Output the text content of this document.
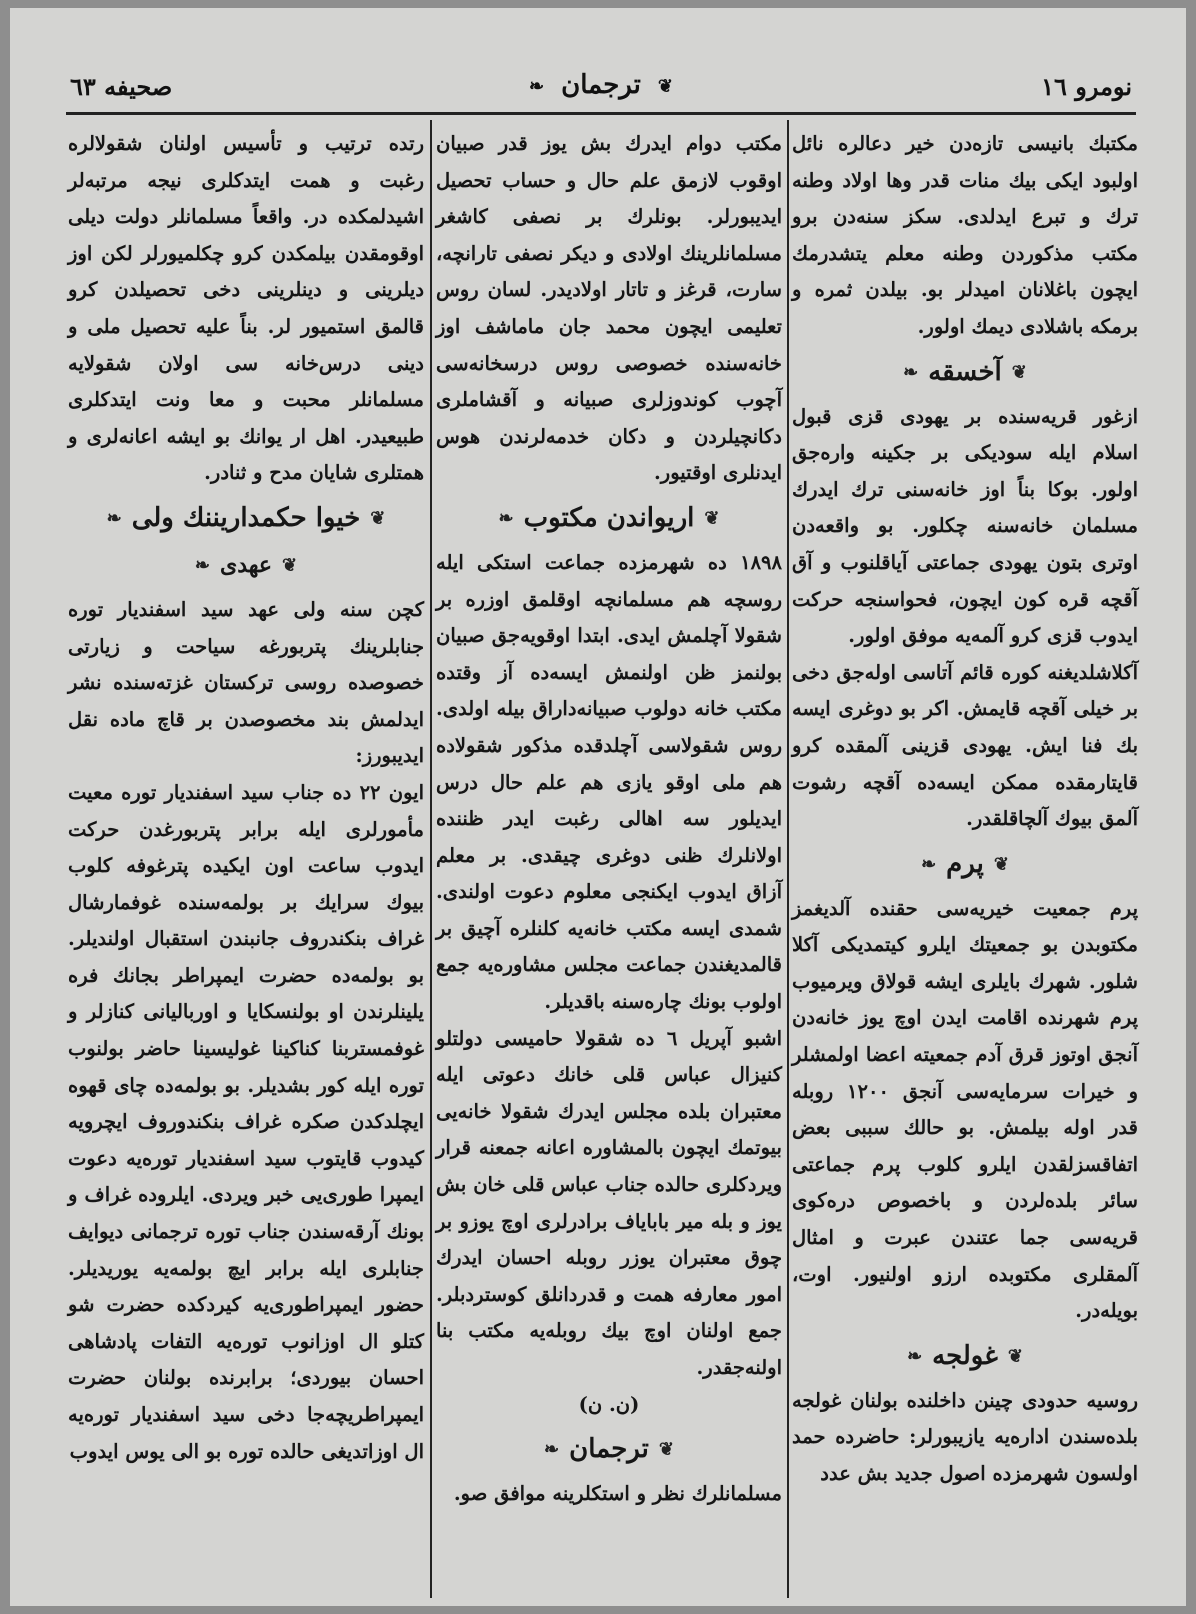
نومرو ١٦
❦ ترجمان ❧
صحيفه ٦٣

مكتبك بانيسى تازه‌دن خير دعالره نائل اولبود ايكى بيك منات قدر وها اولاد وطنه ترك و تبرع ايدلدى. سكز سنه‌دن برو مكتب مذكوردن وطنه معلم يتشدرمك ايچون باغلانان اميدلر بو. بيلدن ثمره و برمكه باشلادى ديمك اولور.

❦آخسقه❧

ازغور قريه‌سنده بر يهودى قزى قبول اسلام ايله سوديكى بر جكينه واره‌جق اولور. بوكا بناً اوز خانه‌سنى ترك ايدرك مسلمان خانه‌سنه چكلور. بو واقعه‌دن اوترى بتون يهودى جماعتى آياقلنوب و آق آقچه قره كون ايچون، فحواسنجه حركت ايدوب قزى كرو آلمه‌يه موفق اولور.

آكلاشلديغنه كوره قائم آتاسى اوله‌جق دخى بر خيلى آقچه قايمش. اكر بو دوغرى ايسه بك فنا ايش. يهودى قزينى آلمقده كرو قايتارمقده ممكن ايسه‌ده آقچه رشوت آلمق بيوك آلچاقلقدر.

❦پرم❧

پرم جمعيت خيريه‌سى حقنده آلديغمز مكتوبدن بو جمعيتك ايلرو كيتمديكى آكلا شلور. شهرك بايلرى ايشه قولاق ويرميوب پرم شهرنده اقامت ايدن اوچ يوز خانه‌دن آنجق اوتوز قرق آدم جمعيته اعضا اولمشلر و خيرات سرمايه‌سى آنجق ١٢٠٠ روبله قدر اوله بيلمش. بو حالك سببى بعض اتفاقسزلقدن ايلرو كلوب پرم جماعتى سائر بلده‌لردن و باخصوص دره‌كوى قريه‌سى جما عتندن عبرت و امثال آلمقلرى مكتوبده ارزو اولنيور. اوت، بويله‌در.

❦غولجه❧

روسيه حدودى چينن داخلنده بولنان غولجه بلده‌سندن اداره‌يه يازيبورلر: حاضرده حمد اولسون شهرمزده اصول جديد بش عدد

مكتب دوام ايدرك بش يوز قدر صبيان اوقوب لازمق علم حال و حساب تحصيل ايديبورلر. بونلرك بر نصفى كاشغر مسلمانلرينك اولادى و ديكر نصفى تارانچه، سارت، قرغز و تاتار اولاديدر. لسان روس تعليمى ايچون محمد جان ماماشف اوز خانه‌سنده خصوصى روس درسخانه‌سى آچوب كوندوزلرى صبيانه و آقشاملرى دكانچيلردن و دكان خدمه‌لرندن هوس ايدنلرى اوقتيور.

❦اريواندن مكتوب❧

١٨٩٨ ده شهرمزده جماعت استكى ايله روسچه هم مسلمانچه اوقلمق اوزره بر شقولا آچلمش ايدى. ابتدا اوقويه‌جق صبيان بولنمز ظن اولنمش ايسه‌ده آز وقتده مكتب خانه دولوب صبيانه‌داراق بيله اولدى. روس شقولاسى آچلدقده مذكور شقولاده هم ملى اوقو يازى هم علم حال درس ايديلور سه اهالى رغبت ايدر ظننده اولانلرك ظنى دوغرى چيقدى. بر معلم آزاق ايدوب ايكنجى معلوم دعوت اولندى. شمدى ايسه مكتب خانه‌يه كلنلره آچيق بر قالمديغندن جماعت مجلس مشاوره‌يه جمع اولوب بونك چاره‌سنه باقديلر.

اشبو آپريل ٦ ده شقولا حاميسى دولتلو كنيزال عباس قلى خانك دعوتى ايله معتبران بلده مجلس ايدرك شقولا خانه‌يى بيوتمك ايچون بالمشاوره اعانه جمعنه قرار ويردكلرى حالده جناب عباس قلى خان بش يوز و بله مير باباياف برادرلرى اوچ يوزو بر چوق معتبران يوزر روبله احسان ايدرك امور معارفه همت و قدردانلق كوستردبلر. جمع اولنان اوچ بيك روبله‌يه مكتب بنا اولنه‌جقدر.

(ن. ن)

❦ترجمان❧

مسلمانلرك نظر و استكلرينه موافق صو.

رتده ترتيب و تأسيس اولنان شقولالره رغبت و همت ايتدكلرى نيجه مرتبه‌لر اشيدلمكده در. واقعاً مسلمانلر دولت ديلى اوقومقدن بيلمكدن كرو چكلميورلر لكن اوز ديلرينى و دينلرينى دخى تحصيلدن كرو قالمق استميور لر. بناً عليه تحصيل ملى و دينى درس‌خانه سى اولان شقولايه مسلمانلر محبت و معا ونت ايتدكلرى طبيعيدر. اهل ار يوانك بو ايشه اعانه‌لرى و همتلرى شايان مدح و ثنادر.

❦خيوا حكمداريننك ولى❧
❦عهدى❧

كچن سنه ولى عهد سيد اسفنديار توره جنابلرينك پتربورغه سياحت و زيارتى خصوصده روسى تركستان غزته‌سنده نشر ايدلمش بند مخصوصدن بر قاچ ماده نقل ايديبورز:

ايون ٢٢ ده جناب سيد اسفنديار توره معيت مأمورلرى ايله برابر پتربورغدن حركت ايدوب ساعت اون ايكيده پترغوفه كلوب بيوك سرايك بر بولمه‌سنده غوفمارشال غراف بنكندروف جانبندن استقبال اولنديلر. بو بولمه‌ده حضرت ايمپراطر بجانك فره يلينلرندن او بولنسكايا و اورباليانى كنازلر و غوفمستربنا كناكينا غوليسينا حاضر بولنوب توره ايله كور بشديلر. بو بولمه‌ده چاى قهوه ايچلدكدن صكره غراف بنكندوروف ايچرويه كيدوب قايتوب سيد اسفنديار توره‌يه دعوت ايمپرا طورى‌يى خبر ويردى. ايلروده غراف و بونك آرقه‌سندن جناب توره ترجمانى ديوايف جنابلرى ايله برابر ايچ بولمه‌يه يوريديلر. حضور ايمپراطورى‌يه كيردكده حضرت شو كتلو ال اوزانوب توره‌يه التفات پادشاهى احسان بيوردى؛ برابرنده بولنان حضرت ايمپراطريچه‌جا دخى سيد اسفنديار توره‌يه ال اوزاتديغى حالده توره بو الى يوس ايدوب
